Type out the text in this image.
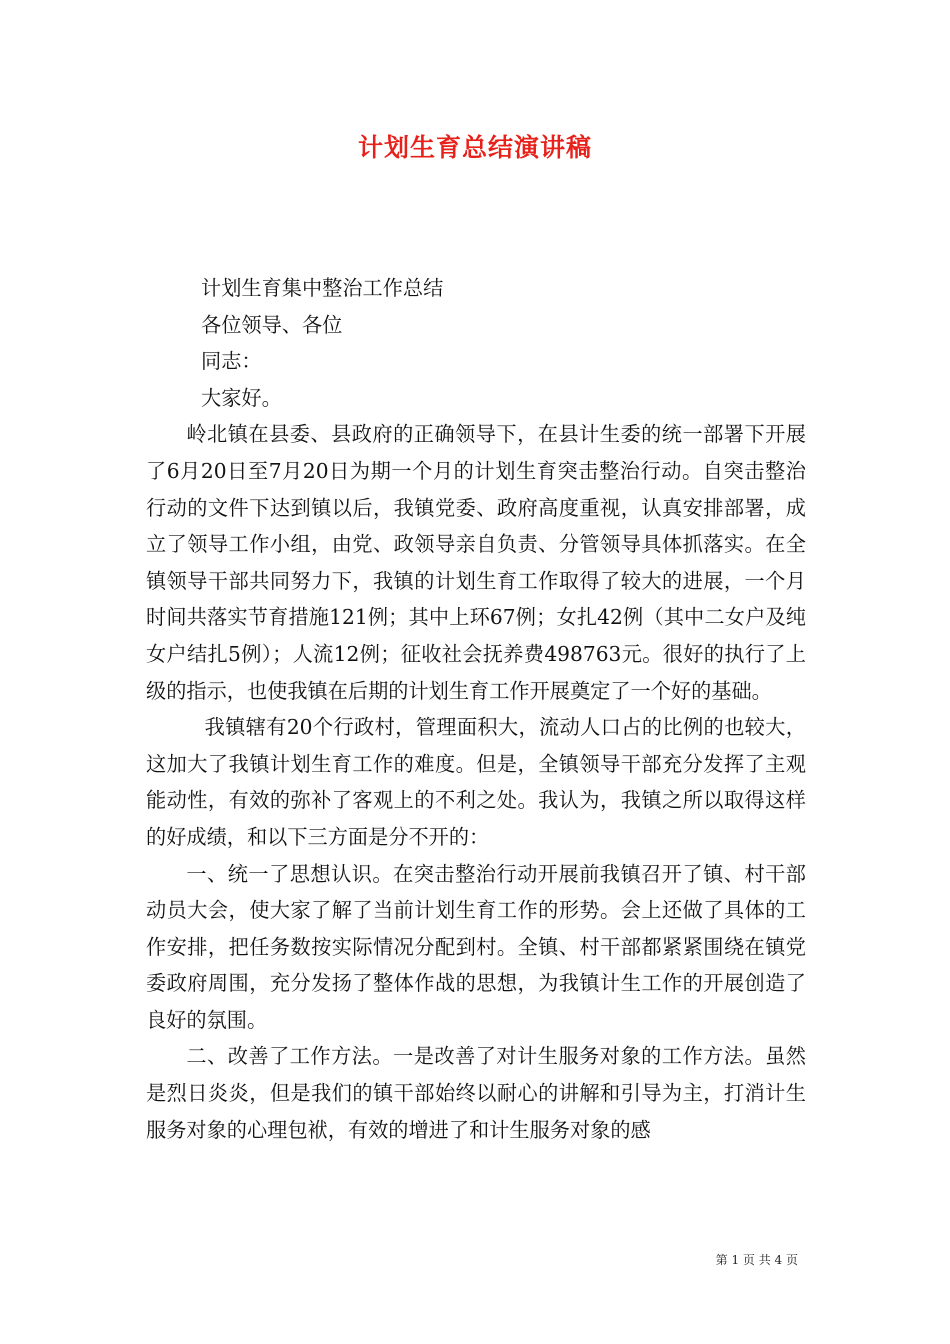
计划生育总结演讲稿

计划生育集中整治工作总结

各位领导、各位

同志：

大家好。

岭北镇在县委、县政府的正确领导下，在县计生委的统一部署下开展了6月20日至7月20日为期一个月的计划生育突击整治行动。自突击整治行动的文件下达到镇以后，我镇党委、政府高度重视，认真安排部署，成立了领导工作小组，由党、政领导亲自负责、分管领导具体抓落实。在全镇领导干部共同努力下，我镇的计划生育工作取得了较大的进展，一个月时间共落实节育措施121例；其中上环67例；女扎42例（其中二女户及纯女户结扎5例）；人流12例；征收社会抚养费498763元。很好的执行了上级的指示，也使我镇在后期的计划生育工作开展奠定了一个好的基础。

我镇辖有20个行政村，管理面积大，流动人口占的比例的也较大，这加大了我镇计划生育工作的难度。但是，全镇领导干部充分发挥了主观能动性，有效的弥补了客观上的不利之处。我认为，我镇之所以取得这样的好成绩，和以下三方面是分不开的：

一、统一了思想认识。在突击整治行动开展前我镇召开了镇、村干部动员大会，使大家了解了当前计划生育工作的形势。会上还做了具体的工作安排，把任务数按实际情况分配到村。全镇、村干部都紧紧围绕在镇党委政府周围，充分发扬了整体作战的思想，为我镇计生工作的开展创造了良好的氛围。

二、改善了工作方法。一是改善了对计生服务对象的工作方法。虽然是烈日炎炎，但是我们的镇干部始终以耐心的讲解和引导为主，打消计生服务对象的心理包袱，有效的增进了和计生服务对象的感

第 1 页 共 4 页
